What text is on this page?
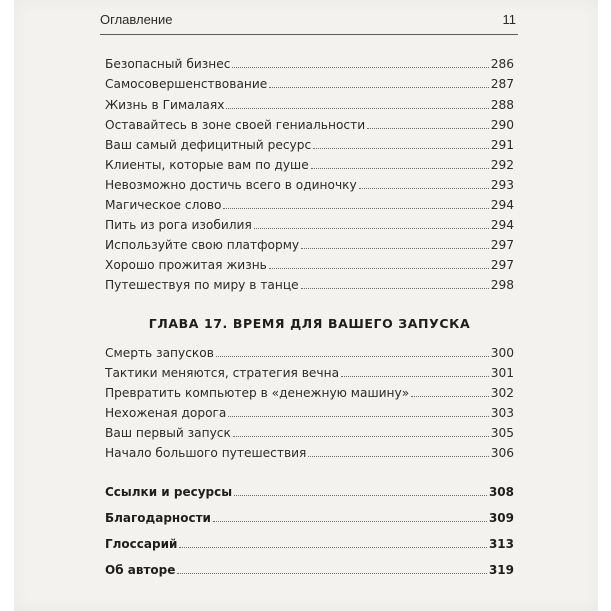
Оглавление	11
Безопасный бизнес	286
Самосовершенствование	287
Жизнь в Гималаях	288
Оставайтесь в зоне своей гениальности	290
Ваш самый дефицитный ресурс	291
Клиенты, которые вам по душе	292
Невозможно достичь всего в одиночку	293
Магическое слово	294
Пить из рога изобилия	294
Используйте свою платформу	297
Хорошо прожитая жизнь	297
Путешествуя по миру в танце	298
ГЛАВА 17. ВРЕМЯ ДЛЯ ВАШЕГО ЗАПУСКА
Смерть запусков	300
Тактики меняются, стратегия вечна	301
Превратить компьютер в «денежную машину»	302
Нехоженая дорога	303
Ваш первый запуск	305
Начало большого путешествия	306
Ссылки и ресурсы	308
Благодарности	309
Глоссарий	313
Об авторе	319
